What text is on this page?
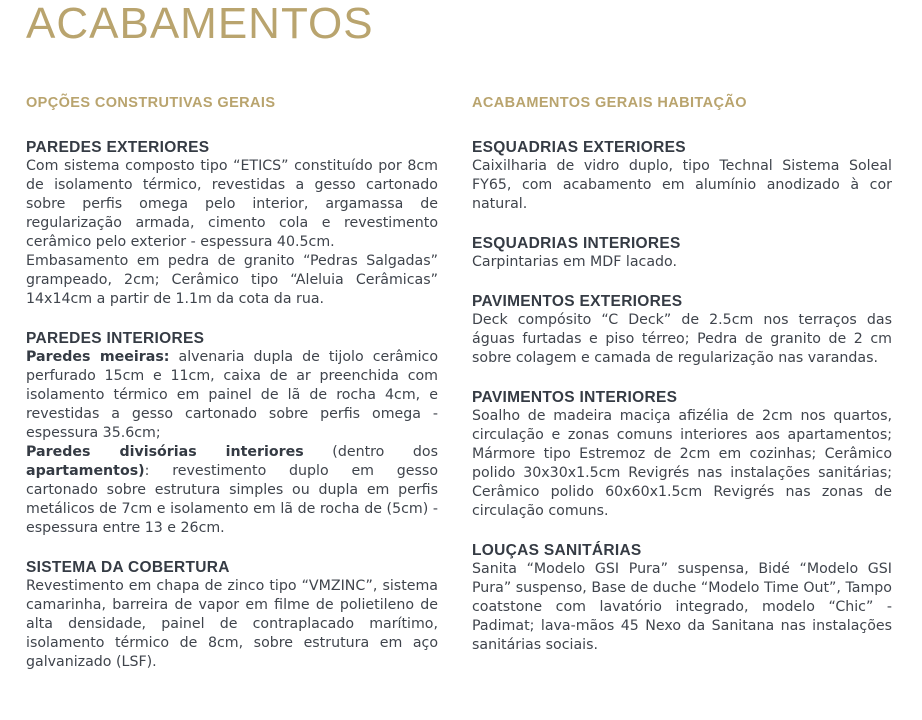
ACABAMENTOS
OPÇÕES CONSTRUTIVAS GERAIS

PAREDES EXTERIORES

Com sistema composto tipo “ETICS” constituído por 8cm de isolamento térmico, revestidas a gesso cartonado sobre perfis omega pelo interior, argamassa de regularização armada, cimento cola e revestimento cerâmico pelo exterior - espessura 40.5cm.

Embasamento em pedra de granito “Pedras Salgadas” grampeado, 2cm; Cerâmico tipo “Aleluia Cerâmicas” 14x14cm a partir de 1.1m da cota da rua.

PAREDES INTERIORES

Paredes meeiras: alvenaria dupla de tijolo cerâmico perfurado 15cm e 11cm, caixa de ar preenchida com isolamento térmico em painel de lã de rocha 4cm, e revestidas a gesso cartonado sobre perfis omega - espessura 35.6cm;

Paredes divisórias interiores (dentro dos apartamentos): revestimento duplo em gesso cartonado sobre estrutura simples ou dupla em perfis metálicos de 7cm e isolamento em lã de rocha de (5cm) - espessura entre 13 e 26cm.

SISTEMA DA COBERTURA

Revestimento em chapa de zinco tipo “VMZINC”, sistema camarinha, barreira de vapor em filme de polietileno de alta densidade, painel de contraplacado marítimo, isolamento térmico de 8cm, sobre estrutura em aço galvanizado (LSF).

ACABAMENTOS GERAIS HABITAÇÃO

ESQUADRIAS EXTERIORES

Caixilharia de vidro duplo, tipo Technal Sistema Soleal FY65, com acabamento em alumínio anodizado à cor natural.

ESQUADRIAS INTERIORES

Carpintarias em MDF lacado.

PAVIMENTOS EXTERIORES

Deck compósito “C Deck” de 2.5cm nos terraços das águas furtadas e piso térreo; Pedra de granito de 2 cm sobre colagem e camada de regularização nas varandas.

PAVIMENTOS INTERIORES

Soalho de madeira maciça afizélia de 2cm nos quartos, circulação e zonas comuns interiores aos apartamentos; Mármore tipo Estremoz de 2cm em cozinhas; Cerâmico polido 30x30x1.5cm Revigrés nas instalações sanitárias; Cerâmico polido 60x60x1.5cm Revigrés nas zonas de circulação comuns.

LOUÇAS SANITÁRIAS

Sanita “Modelo GSI Pura” suspensa, Bidé “Modelo GSI Pura” suspenso, Base de duche “Modelo Time Out”, Tampo coatstone com lavatório integrado, modelo “Chic” - Padimat; lava-mãos 45 Nexo da Sanitana nas instalações sanitárias sociais.
